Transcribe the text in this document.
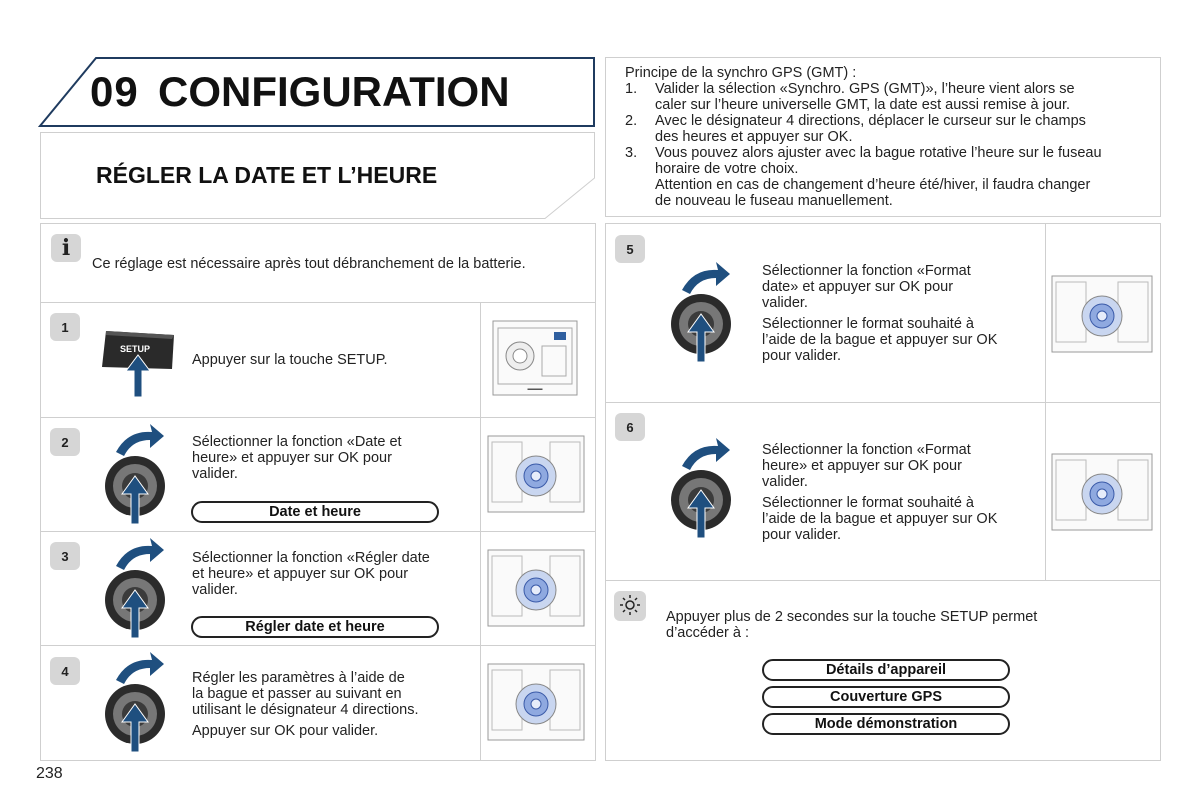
09 CONFIGURATION
RÉGLER LA DATE ET L’HEURE
i
Ce réglage est nécessaire après tout débranchement de la batterie.
1
SETUP
Appuyer sur la touche SETUP.
▬▬▬
2	Sélectionner la fonction «Date et
heure» et appuyer sur OK pour
valider.
Date et heure
3	Sélectionner la fonction «Régler date
et heure» et appuyer sur OK pour
valider.
Régler date et heure
4	Régler les paramètres à l’aide de
la bague et passer au suivant en
utilisant le désignateur 4 directions.
Appuyer sur OK pour valider.
Principe de la synchro GPS (GMT) :
1. Valider la sélection «Synchro. GPS (GMT)», l’heure vient alors se
caler sur l’heure universelle GMT, la date est aussi remise à jour.
2. Avec le désignateur 4 directions, déplacer le curseur sur le champs
des heures et appuyer sur OK.
3. Vous pouvez alors ajuster avec la bague rotative l’heure sur le fuseau
horaire de votre choix.
Attention en cas de changement d’heure été/hiver, il faudra changer
de nouveau le fuseau manuellement.
5
Sélectionner la fonction «Format
date» et appuyer sur OK pour
valider.
Sélectionner le format souhaité à
l’aide de la bague et appuyer sur OK
pour valider.
6
Sélectionner la fonction «Format
heure» et appuyer sur OK pour
valider.
Sélectionner le format souhaité à
l’aide de la bague et appuyer sur OK
pour valider.
Appuyer plus de 2 secondes sur la touche SETUP permet
d’accéder à :
Détails d’appareil
Couverture GPS
Mode démonstration
238
